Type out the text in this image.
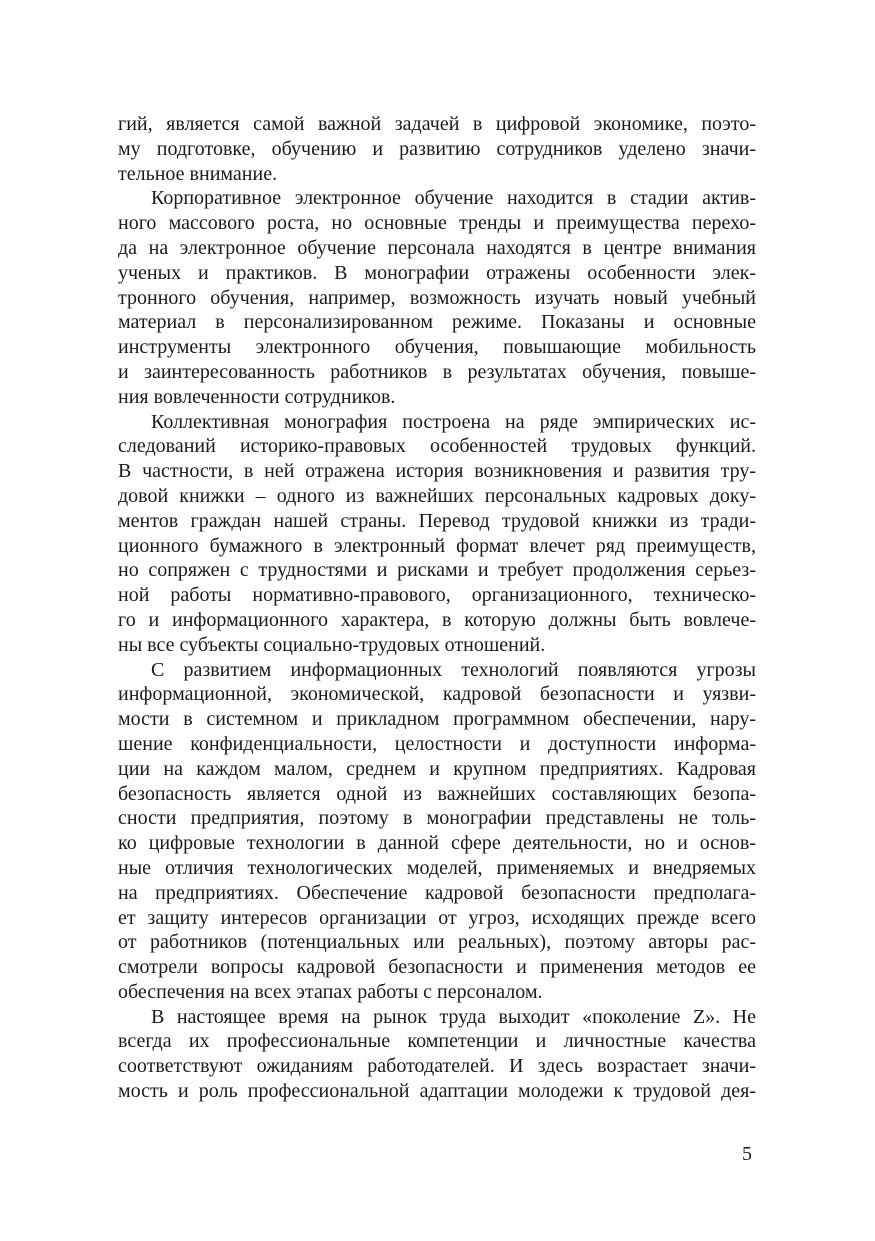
гий, является самой важной задачей в цифровой экономике, поэто-
му подготовке, обучению и развитию сотрудников уделено значи-
тельное внимание.
Корпоративное электронное обучение находится в стадии актив-
ного массового роста, но основные тренды и преимущества перехо-
да на электронное обучение персонала находятся в центре внимания
ученых и практиков. В монографии отражены особенности элек-
тронного обучения, например, возможность изучать новый учебный
материал в персонализированном режиме. Показаны и основные
инструменты электронного обучения, повышающие мобильность
и заинтересованность работников в результатах обучения, повыше-
ния вовлеченности сотрудников.
Коллективная монография построена на ряде эмпирических ис-
следований историко-правовых особенностей трудовых функций.
В частности, в ней отражена история возникновения и развития тру-
довой книжки – одного из важнейших персональных кадровых доку-
ментов граждан нашей страны. Перевод трудовой книжки из тради-
ционного бумажного в электронный формат влечет ряд преимуществ,
но сопряжен с трудностями и рисками и требует продолжения серьез-
ной работы нормативно-правового, организационного, техническо-
го и информационного характера, в которую должны быть вовлече-
ны все субъекты социально-трудовых отношений.
С развитием информационных технологий появляются угрозы
информационной, экономической, кадровой безопасности и уязви-
мости в системном и прикладном программном обеспечении, нару-
шение конфиденциальности, целостности и доступности информа-
ции на каждом малом, среднем и крупном предприятиях. Кадровая
безопасность является одной из важнейших составляющих безопа-
сности предприятия, поэтому в монографии представлены не толь-
ко цифровые технологии в данной сфере деятельности, но и основ-
ные отличия технологических моделей, применяемых и внедряемых
на предприятиях. Обеспечение кадровой безопасности предполага-
ет защиту интересов организации от угроз, исходящих прежде всего
от работников (потенциальных или реальных), поэтому авторы рас-
смотрели вопросы кадровой безопасности и применения методов ее
обеспечения на всех этапах работы с персоналом.
В настоящее время на рынок труда выходит «поколение Z». Не
всегда их профессиональные компетенции и личностные качества
соответствуют ожиданиям работодателей. И здесь возрастает значи-
мость и роль профессиональной адаптации молодежи к трудовой дея-
5
